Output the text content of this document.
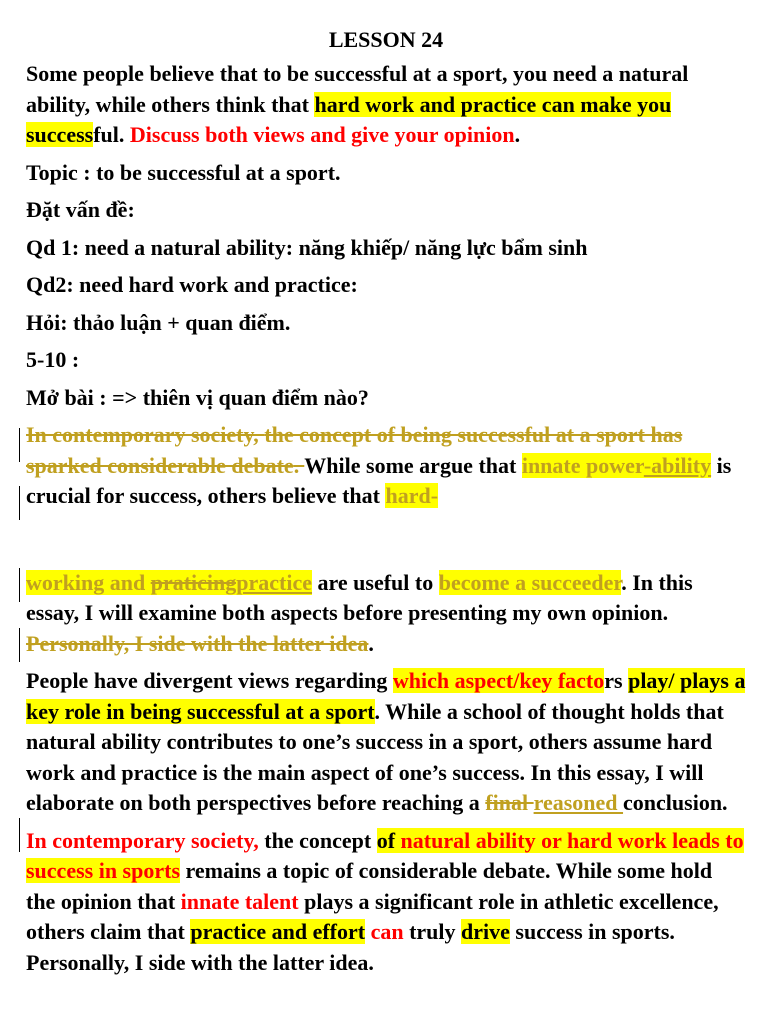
LESSON 24

Some people believe that to be successful at a sport, you need a natural ability, while others think that hard work and practice can make you successful. Discuss both views and give your opinion.

Topic : to be successful at a sport.

Đặt vấn đề:

Qd 1: need a natural ability: năng khiếp/ năng lực bẩm sinh

Qd2: need hard work and practice:

Hỏi: thảo luận + quan điểm.

5-10 :

Mở bài : => thiên vị quan điểm nào?

In contemporary society, the concept of being successful at a sport has sparked considerable debate. While some argue that innate power-ability is crucial for success, others believe that hard-

working and praticingpractice are useful to become a succeeder. In this essay, I will examine both aspects before presenting my own opinion. Personally, I side with the latter idea.

People have divergent views regarding which aspect/key factors play/ plays a key role in being successful at a sport. While a school of thought holds that natural ability contributes to one’s success in a sport, others assume hard work and practice is the main aspect of one’s success. In this essay, I will elaborate on both perspectives before reaching a final reasoned conclusion.

In contemporary society, the concept of natural ability or hard work leads to success in sports remains a topic of considerable debate. While some hold the opinion that innate talent plays a significant role in athletic excellence, others claim that practice and effort can truly drive success in sports. Personally, I side with the latter idea.
